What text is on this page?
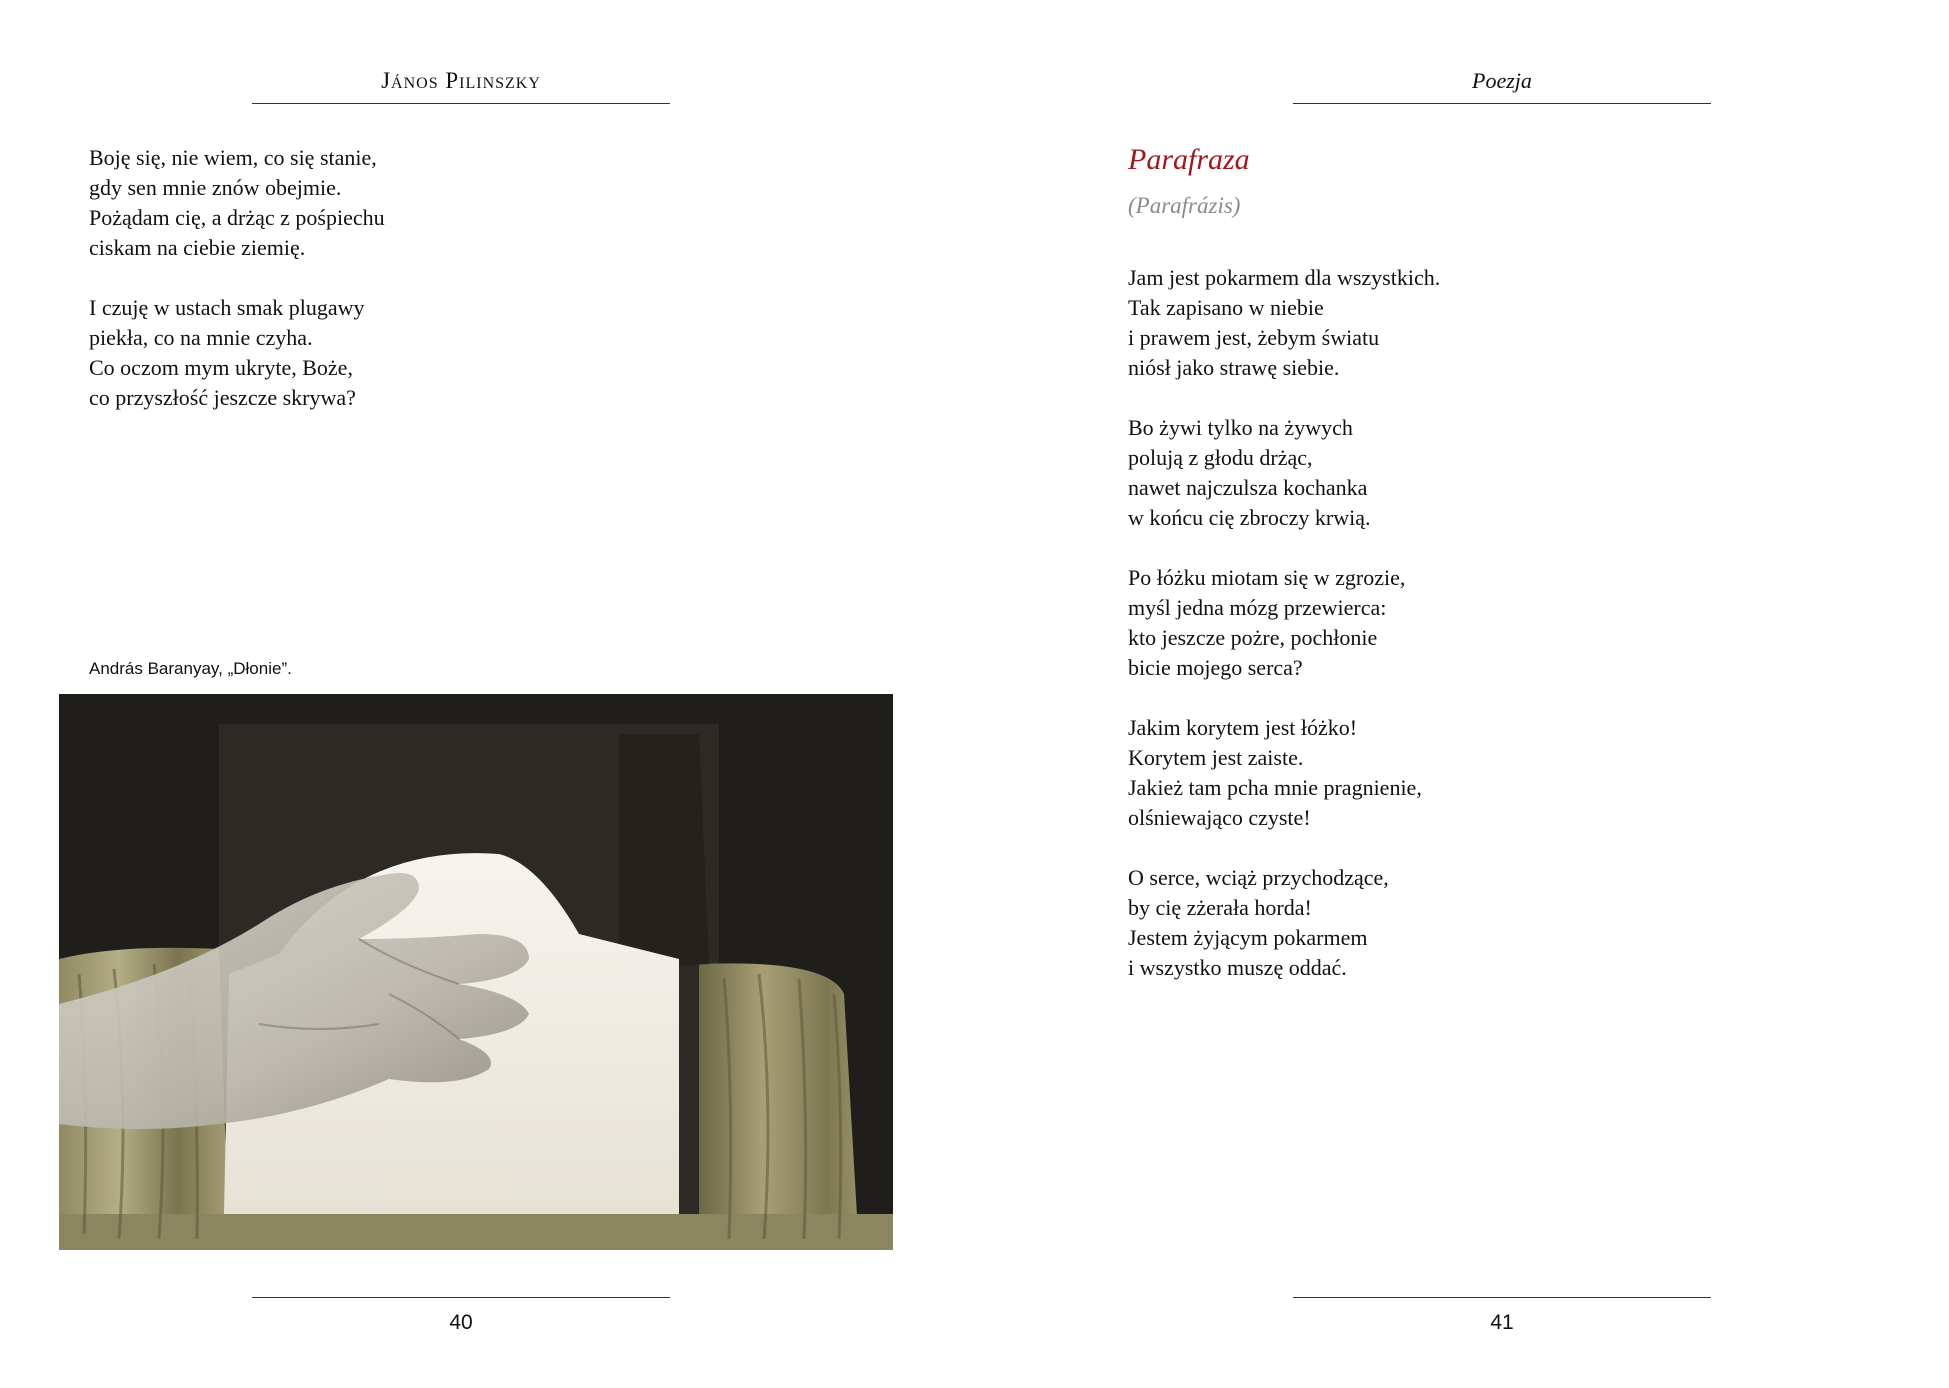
János Pilinszky
Boję się, nie wiem, co się stanie,
gdy sen mnie znów obejmie.
Pożądam cię, a drżąc z pośpiechu
ciskam na ciebie ziemię.
I czuję w ustach smak plugawy
piekła, co na mnie czyha.
Co oczom mym ukryte, Boże,
co przyszłość jeszcze skrywa?
András Baranyay, „Dłonie”.
40
Poezja
Parafraza
(Parafrázis)
Jam jest pokarmem dla wszystkich.
Tak zapisano w niebie
i prawem jest, żebym światu
niósł jako strawę siebie.
Bo żywi tylko na żywych
polują z głodu drżąc,
nawet najczulsza kochanka
w końcu cię zbroczy krwią.
Po łóżku miotam się w zgrozie,
myśl jedna mózg przewierca:
kto jeszcze pożre, pochłonie
bicie mojego serca?
Jakim korytem jest łóżko!
Korytem jest zaiste.
Jakież tam pcha mnie pragnienie,
olśniewająco czyste!
O serce, wciąż przychodzące,
by cię zżerała horda!
Jestem żyjącym pokarmem
i wszystko muszę oddać.
41
